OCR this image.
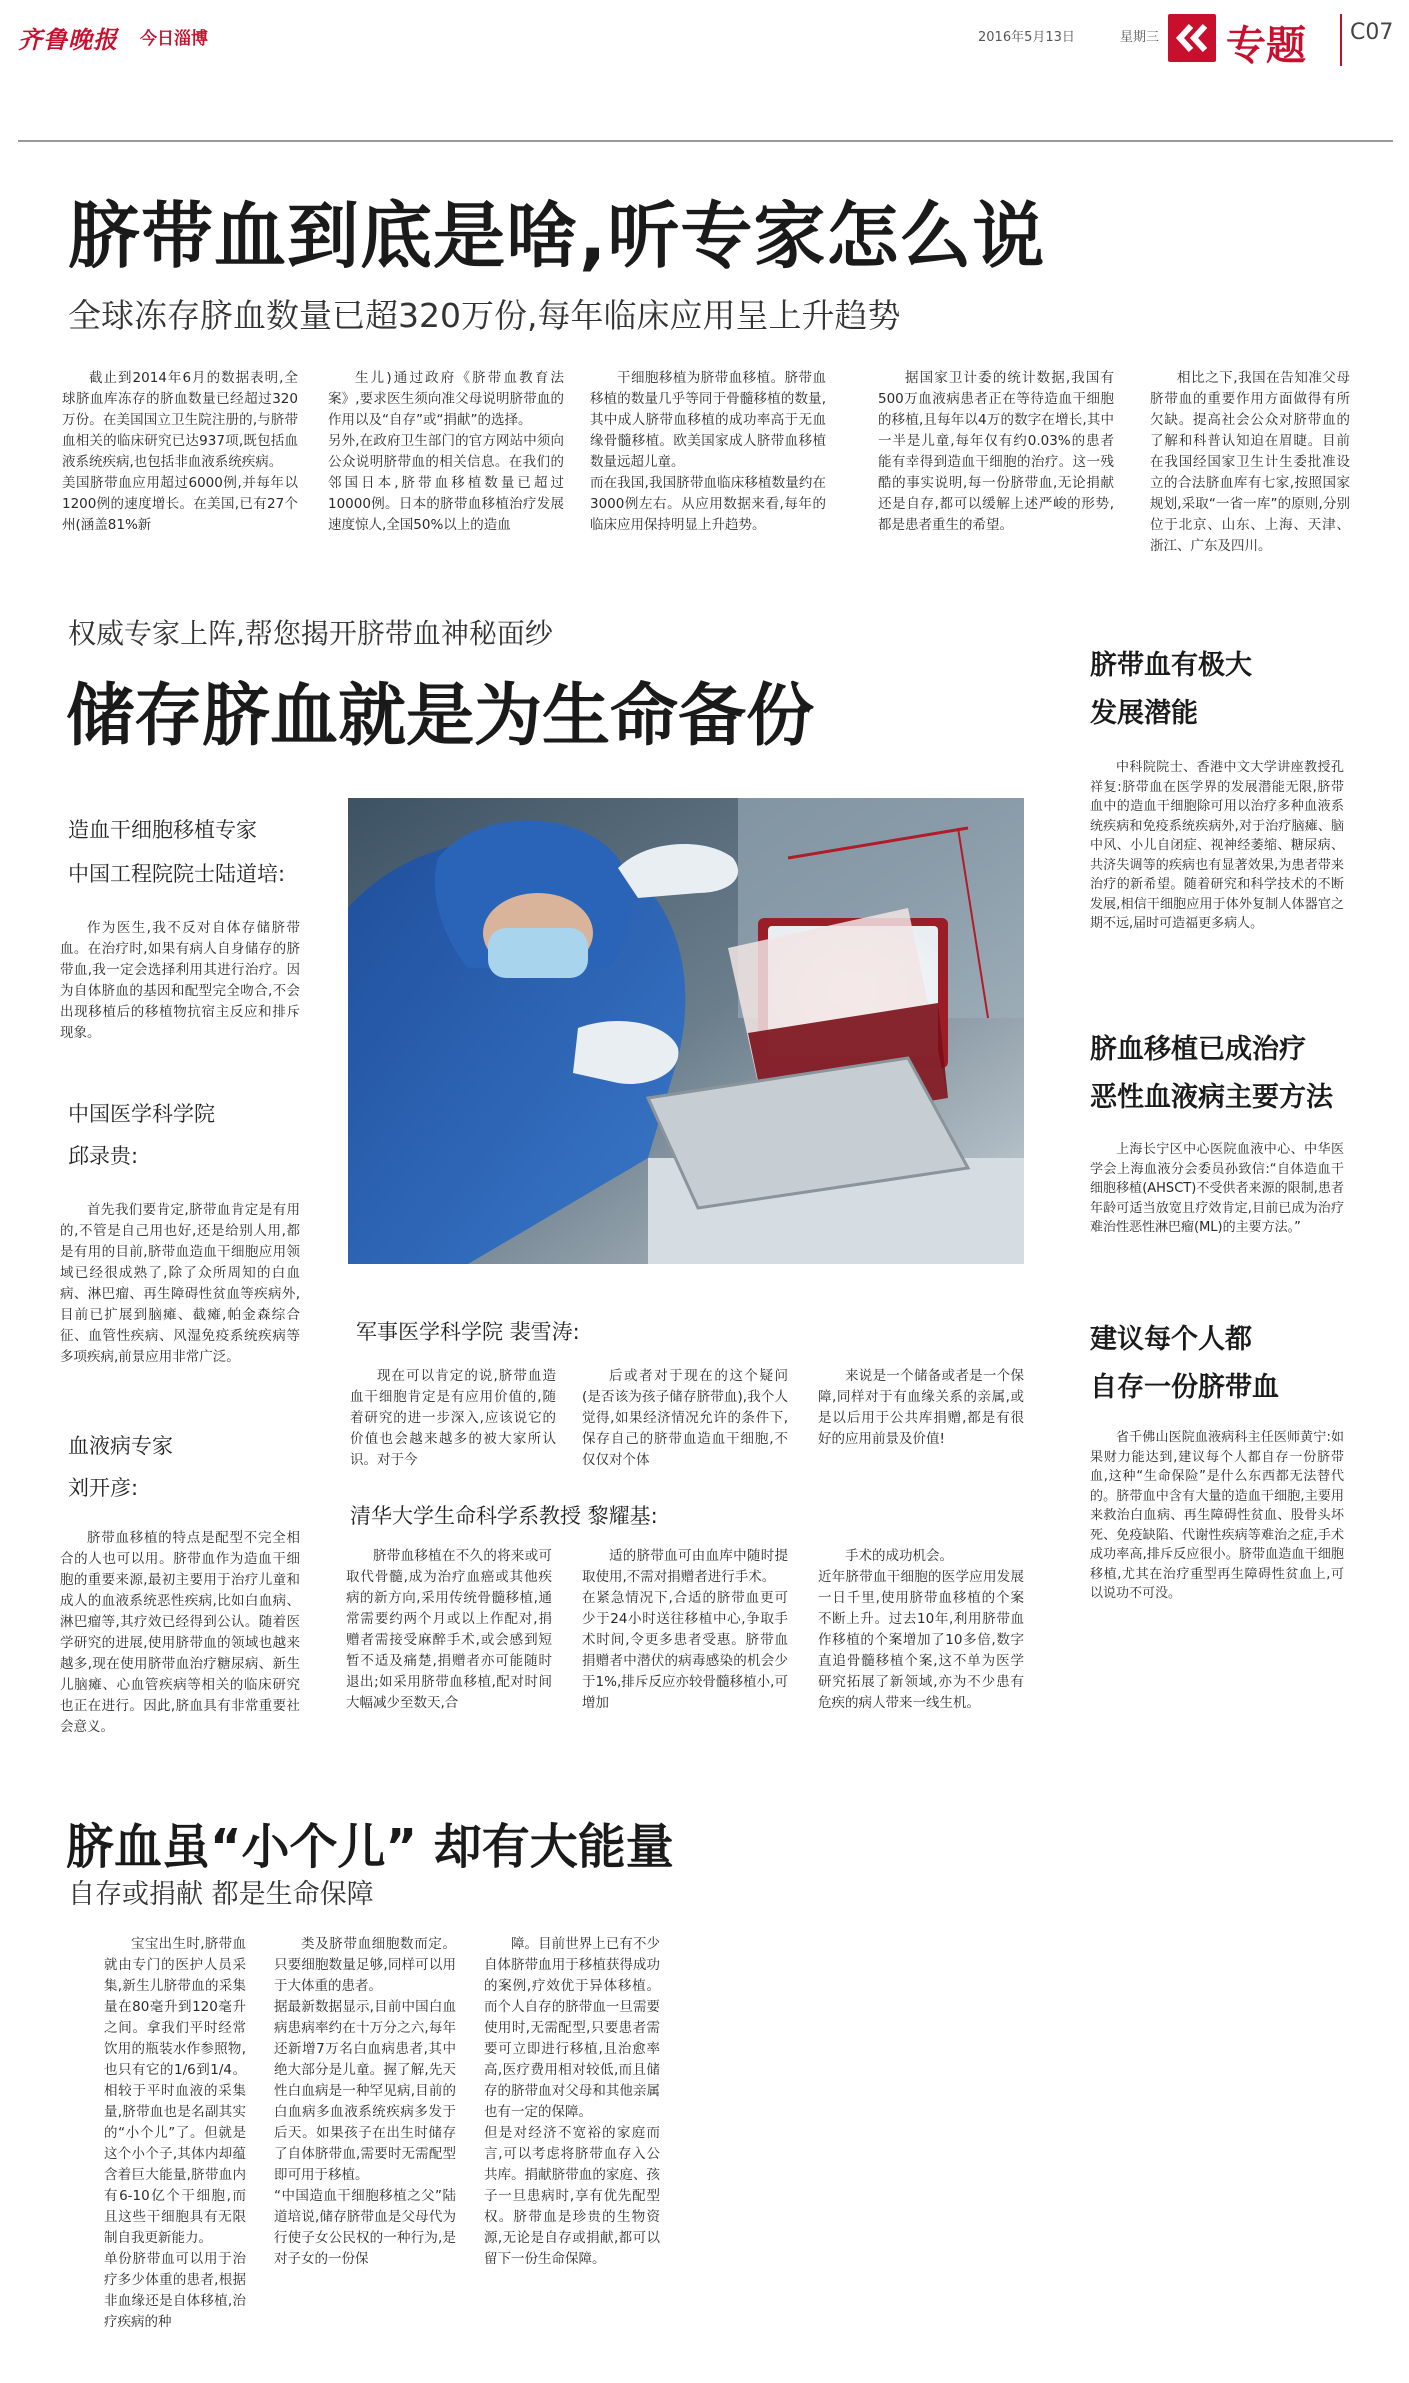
齐鲁晚报 今日淄博	2016年5月13日	星期三 专题 C07
脐带血到底是啥,听专家怎么说
全球冻存脐血数量已超320万份,每年临床应用呈上升趋势
截止到2014年6月的数据表明,全球脐血库冻存的脐血数量已经超过320万份。在美国国立卫生院注册的,与脐带血相关的临床研究已达937项,既包括血液系统疾病,也包括非血液系统疾病。
美国脐带血应用超过6000例,并每年以1200例的速度增长。在美国,已有27个州(涵盖81%新
生儿)通过政府《脐带血教育法案》,要求医生须向准父母说明脐带血的作用以及“自存”或“捐献”的选择。
另外,在政府卫生部门的官方网站中须向公众说明脐带血的相关信息。在我们的邻国日本,脐带血移植数量已超过10000例。日本的脐带血移植治疗发展速度惊人,全国50%以上的造血
干细胞移植为脐带血移植。脐带血移植的数量几乎等同于骨髓移植的数量,其中成人脐带血移植的成功率高于无血缘骨髓移植。欧美国家成人脐带血移植数量远超儿童。
而在我国,我国脐带血临床移植数量约在3000例左右。从应用数据来看,每年的临床应用保持明显上升趋势。
据国家卫计委的统计数据,我国有500万血液病患者正在等待造血干细胞的移植,且每年以4万的数字在增长,其中一半是儿童,每年仅有约0.03%的患者能有幸得到造血干细胞的治疗。这一残酷的事实说明,每一份脐带血,无论捐献还是自存,都可以缓解上述严峻的形势,都是患者重生的希望。
相比之下,我国在告知准父母脐带血的重要作用方面做得有所欠缺。提高社会公众对脐带血的了解和科普认知迫在眉睫。目前在我国经国家卫生计生委批准设立的合法脐血库有七家,按照国家规划,采取“一省一库”的原则,分别位于北京、山东、上海、天津、浙江、广东及四川。
权威专家上阵,帮您揭开脐带血神秘面纱
储存脐血就是为生命备份
造血干细胞移植专家
中国工程院院士陆道培:
作为医生,我不反对自体存储脐带血。在治疗时,如果有病人自身储存的脐带血,我一定会选择利用其进行治疗。因为自体脐血的基因和配型完全吻合,不会出现移植后的移植物抗宿主反应和排斥现象。
中国医学科学院
邱录贵:
首先我们要肯定,脐带血肯定是有用的,不管是自己用也好,还是给别人用,都是有用的目前,脐带血造血干细胞应用领域已经很成熟了,除了众所周知的白血病、淋巴瘤、再生障碍性贫血等疾病外,目前已扩展到脑瘫、截瘫,帕金森综合征、血管性疾病、风湿免疫系统疾病等多项疾病,前景应用非常广泛。
血液病专家
刘开彦:
脐带血移植的特点是配型不完全相合的人也可以用。脐带血作为造血干细胞的重要来源,最初主要用于治疗儿童和成人的血液系统恶性疾病,比如白血病、淋巴瘤等,其疗效已经得到公认。随着医学研究的进展,使用脐带血的领域也越来越多,现在使用脐带血治疗糖尿病、新生儿脑瘫、心血管疾病等相关的临床研究也正在进行。因此,脐血具有非常重要社会意义。
军事医学科学院 裴雪涛:
现在可以肯定的说,脐带血造血干细胞肯定是有应用价值的,随着研究的进一步深入,应该说它的价值也会越来越多的被大家所认识。对于今
后或者对于现在的这个疑问(是否该为孩子储存脐带血),我个人觉得,如果经济情况允许的条件下,保存自己的脐带血造血干细胞,不仅仅对个体
来说是一个储备或者是一个保障,同样对于有血缘关系的亲属,或是以后用于公共库捐赠,都是有很好的应用前景及价值!
清华大学生命科学系教授 黎耀基:
脐带血移植在不久的将来或可取代骨髓,成为治疗血癌或其他疾病的新方向,采用传统骨髓移植,通常需要约两个月或以上作配对,捐赠者需接受麻醉手术,或会感到短暂不适及痛楚,捐赠者亦可能随时退出;如采用脐带血移植,配对时间大幅减少至数天,合
适的脐带血可由血库中随时提取使用,不需对捐赠者进行手术。
在紧急情况下,合适的脐带血更可少于24小时送往移植中心,争取手术时间,令更多患者受惠。脐带血捐赠者中潜伏的病毒感染的机会少于1%,排斥反应亦较骨髓移植小,可增加
手术的成功机会。
近年脐带血干细胞的医学应用发展一日千里,使用脐带血移植的个案不断上升。过去10年,利用脐带血作移植的个案增加了10多倍,数字直追骨髓移植个案,这不单为医学研究拓展了新领域,亦为不少患有危疾的病人带来一线生机。
脐带血有极大
发展潜能
中科院院士、香港中文大学讲座教授孔祥复:脐带血在医学界的发展潜能无限,脐带血中的造血干细胞除可用以治疗多种血液系统疾病和免疫系统疾病外,对于治疗脑瘫、脑中风、小儿自闭症、视神经萎缩、糖尿病、共济失调等的疾病也有显著效果,为患者带来治疗的新希望。随着研究和科学技术的不断发展,相信干细胞应用于体外复制人体器官之期不远,届时可造福更多病人。
脐血移植已成治疗
恶性血液病主要方法
上海长宁区中心医院血液中心、中华医学会上海血液分会委员孙致信:“自体造血干细胞移植(AHSCT)不受供者来源的限制,患者年龄可适当放宽且疗效肯定,目前已成为治疗难治性恶性淋巴瘤(ML)的主要方法。”
建议每个人都
自存一份脐带血
省千佛山医院血液病科主任医师黄宁:如果财力能达到,建议每个人都自存一份脐带血,这种“生命保险”是什么东西都无法替代的。脐带血中含有大量的造血干细胞,主要用来救治白血病、再生障碍性贫血、股骨头坏死、免疫缺陷、代谢性疾病等难治之症,手术成功率高,排斥反应很小。脐带血造血干细胞移植,尤其在治疗重型再生障碍性贫血上,可以说功不可没。
脐血虽“小个儿” 却有大能量
自存或捐献 都是生命保障
宝宝出生时,脐带血就由专门的医护人员采集,新生儿脐带血的采集量在80毫升到120毫升之间。拿我们平时经常饮用的瓶装水作参照物,也只有它的1/6到1/4。相较于平时血液的采集量,脐带血也是名副其实的“小个儿”了。但就是这个小个子,其体内却蕴含着巨大能量,脐带血内有6-10亿个干细胞,而且这些干细胞具有无限制自我更新能力。
单份脐带血可以用于治疗多少体重的患者,根据非血缘还是自体移植,治疗疾病的种
类及脐带血细胞数而定。只要细胞数量足够,同样可以用于大体重的患者。
据最新数据显示,目前中国白血病患病率约在十万分之六,每年还新增7万名白血病患者,其中绝大部分是儿童。握了解,先天性白血病是一种罕见病,目前的白血病多血液系统疾病多发于后天。如果孩子在出生时储存了自体脐带血,需要时无需配型即可用于移植。
“中国造血干细胞移植之父”陆道培说,储存脐带血是父母代为行使子女公民权的一种行为,是对子女的一份保
障。目前世界上已有不少自体脐带血用于移植获得成功的案例,疗效优于异体移植。而个人自存的脐带血一旦需要使用时,无需配型,只要患者需要可立即进行移植,且治愈率高,医疗费用相对较低,而且储存的脐带血对父母和其他亲属也有一定的保障。
但是对经济不宽裕的家庭而言,可以考虑将脐带血存入公共库。捐献脐带血的家庭、孩子一旦患病时,享有优先配型权。脐带血是珍贵的生物资源,无论是自存或捐献,都可以留下一份生命保障。
